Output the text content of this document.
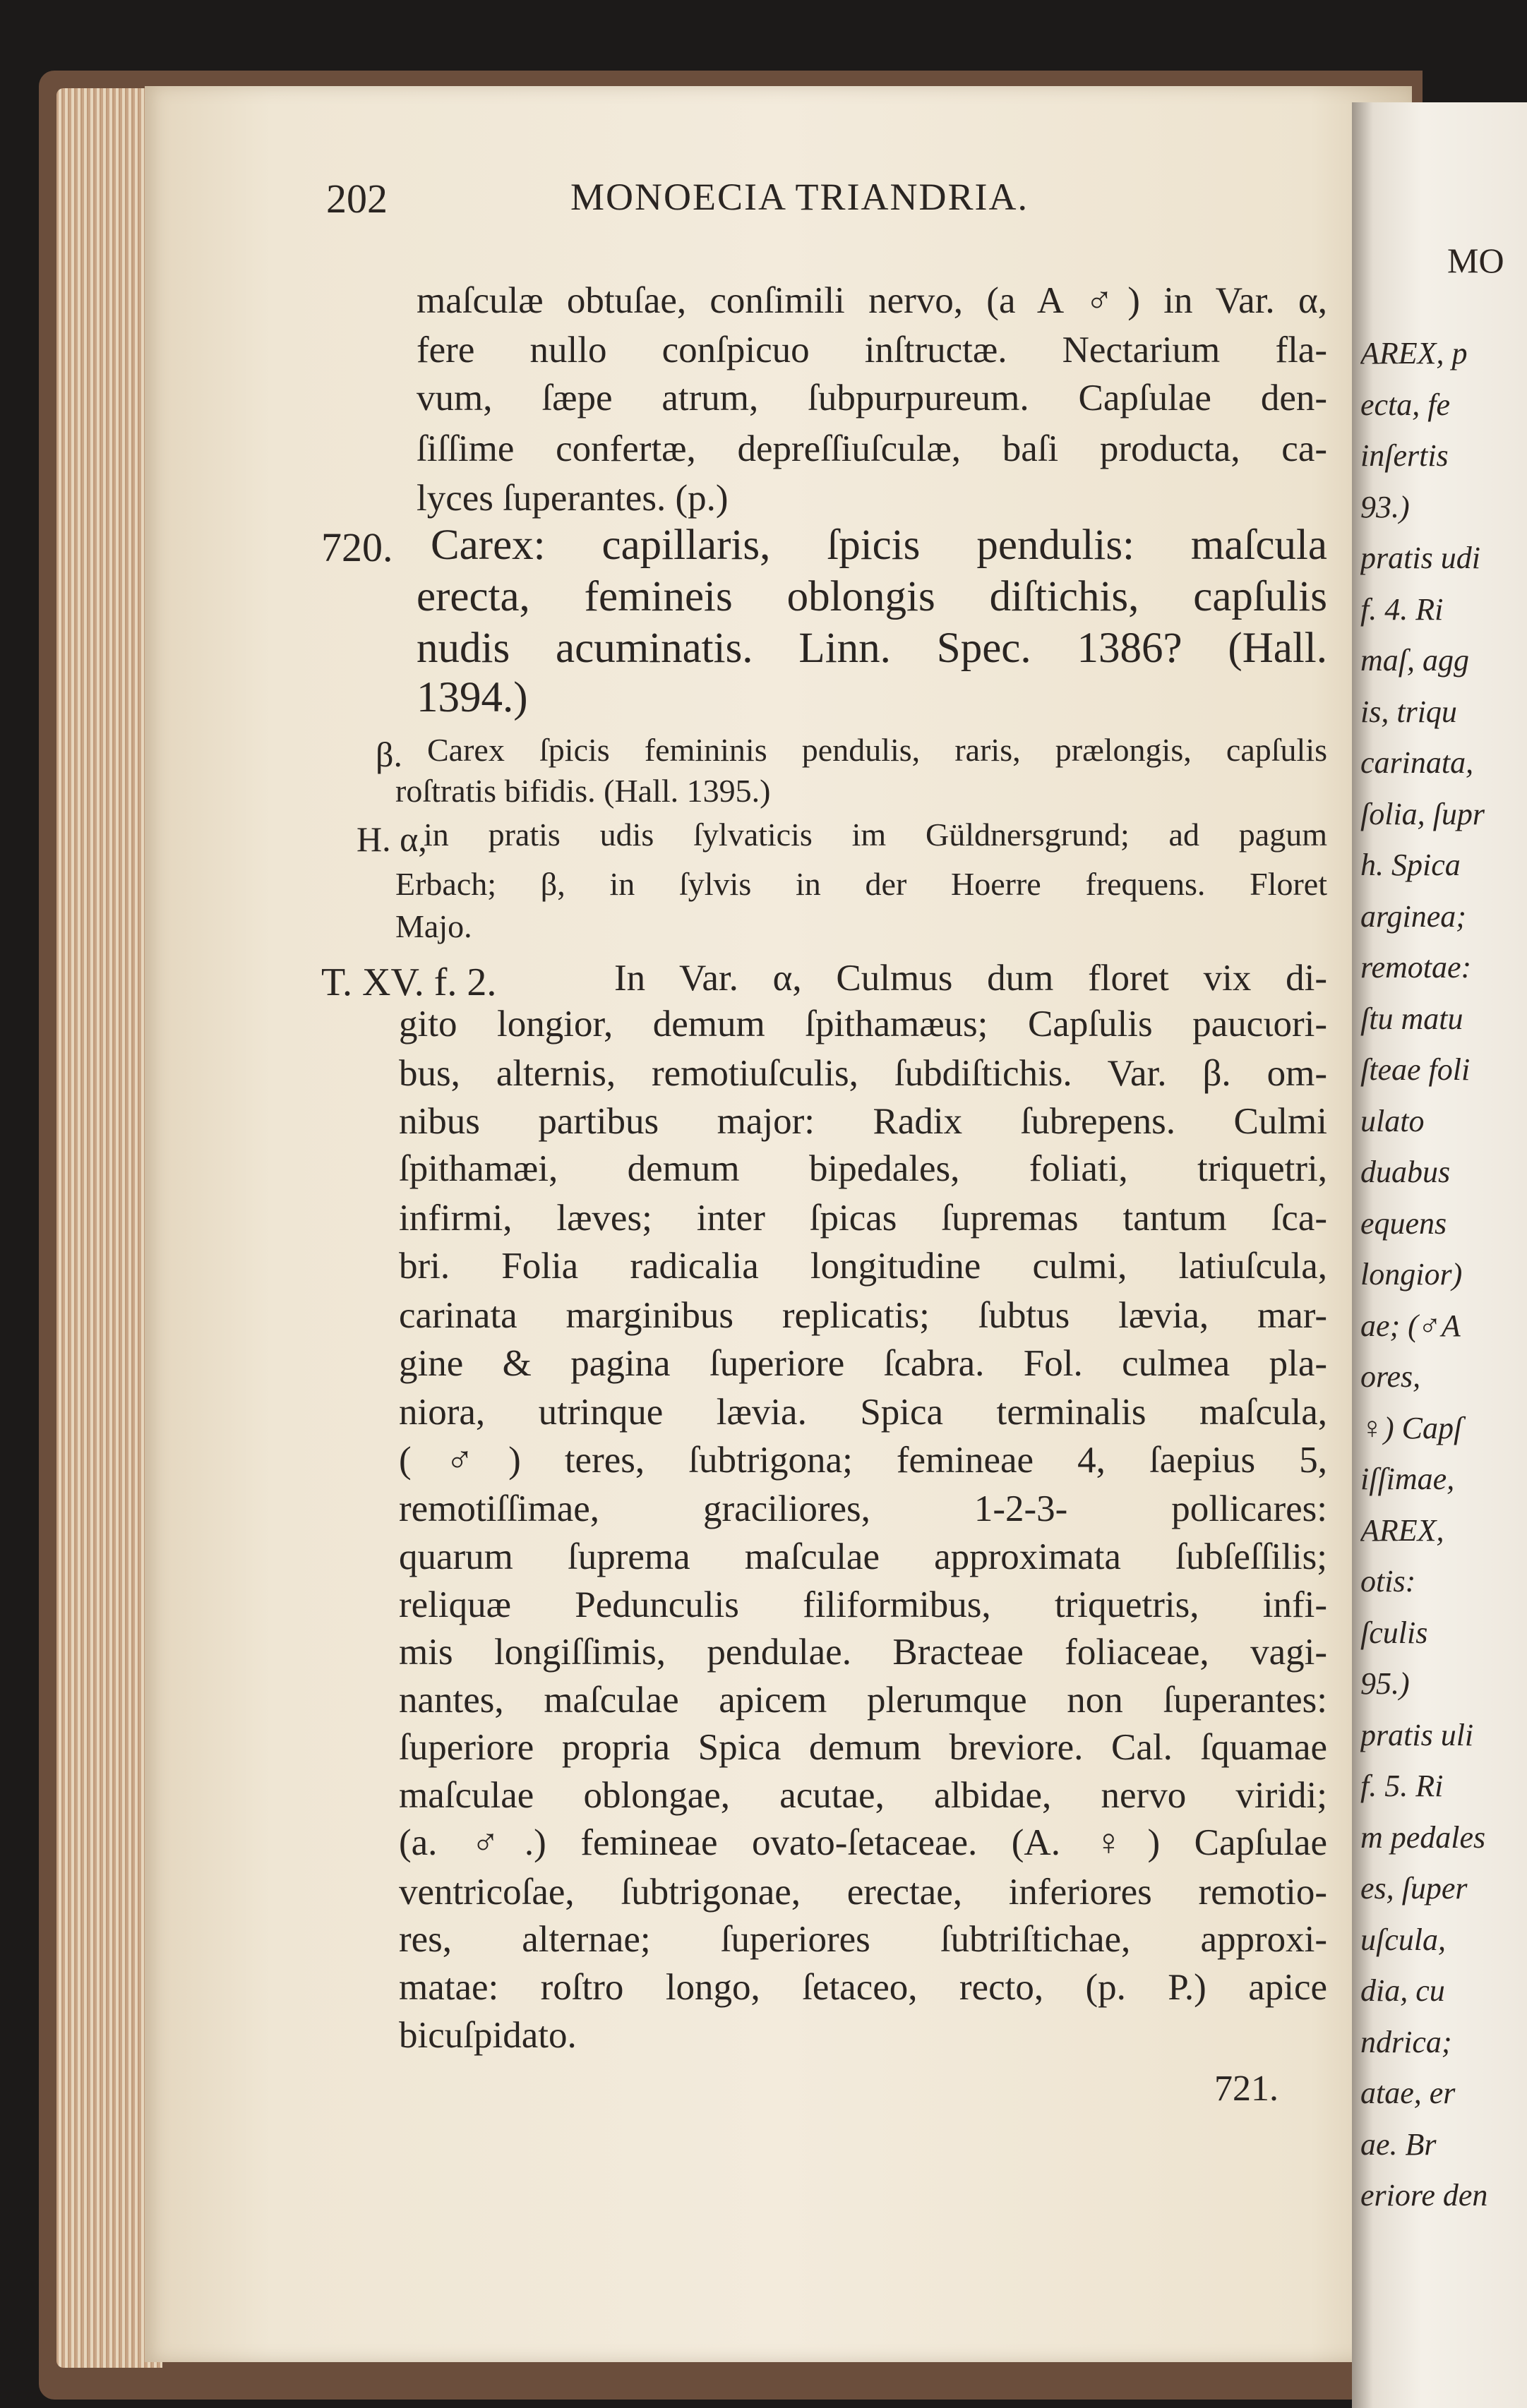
202	MONOECIA TRIANDRIA.
maſculæ obtuſae, conſimili nervo, (a A ♂) in Var. α,
fere nullo conſpicuo inſtructæ. Nectarium fla-
vum, ſæpe atrum, ſubpurpureum. Capſulae den-
ſiſſime confertæ, depreſſiuſculæ, baſi producta, ca-
lyces ſuperantes. (p.)
Carex: capillaris, ſpicis pendulis: maſcula
erecta, femineis oblongis diſtichis, capſulis
nudis acuminatis. Linn. Spec. 1386? (Hall.
1394.)
Carex ſpicis femininis pendulis, raris, prælongis, capſulis
roſtratis bifidis. (Hall. 1395.)
in pratis udis ſylvaticis im Güldnersgrund; ad pagum
Erbach; β, in ſylvis in der Hoerre frequens. Floret
Majo.
In Var. α, Culmus dum floret vix di-
gito longior, demum ſpithamæus; Capſulis paucιori-
bus, alternis, remotiuſculis, ſubdiſtichis. Var. β. om-
nibus partibus major: Radix ſubrepens. Culmi
ſpithamæi, demum bipedales, foliati, triquetri,
infirmi, læves; inter ſpicas ſupremas tantum ſca-
bri. Folia radicalia longitudine culmi, latiuſcula,
carinata marginibus replicatis; ſubtus lævia, mar-
gine & pagina ſuperiore ſcabra. Fol. culmea pla-
niora, utrinque lævia. Spica terminalis maſcula,
(♂) teres, ſubtrigona; femineae 4, ſaepius 5,
remotiſſimae, graciliores, 1-2-3- pollicares:
quarum ſuprema maſculae approximata ſubſeſſilis;
reliquæ Pedunculis filiformibus, triquetris, infi-
mis longiſſimis, pendulae. Bracteae foliaceae, vagi-
nantes, maſculae apicem plerumque non ſuperantes:
ſuperiore propria Spica demum breviore. Cal. ſquamae
maſculae oblongae, acutae, albidae, nervo viridi;
(a. ♂.) femineae ovato-ſetaceae. (A. ♀) Capſulae
ventricoſae, ſubtrigonae, erectae, inferiores remotio-
res, alternae; ſuperiores ſubtriſtichae, approxi-
matae: roſtro longo, ſetaceo, recto, (p. P.) apice
bicuſpidato.
720.
β.
H. α,
T. XV. f. 2.
721.
MO
AREX, p
ecta, fe
inſertis
93.)
pratis udi
f. 4. Ri
maſ, agg
is, triqu
carinata,
ſolia, ſupr
h. Spica
arginea;
remotae:
ſtu matu
ſteae foli
ulato
duabus
equens
longior)
ae; (♂A
ores,
♀) Capſ
iſſimae,
AREX,
otis:
ſculis
95.)
pratis uli
f. 5. Ri
m pedales
es, ſuper
uſcula,
dia, cu
ndrica;
atae, er
ae. Br
eriore den
